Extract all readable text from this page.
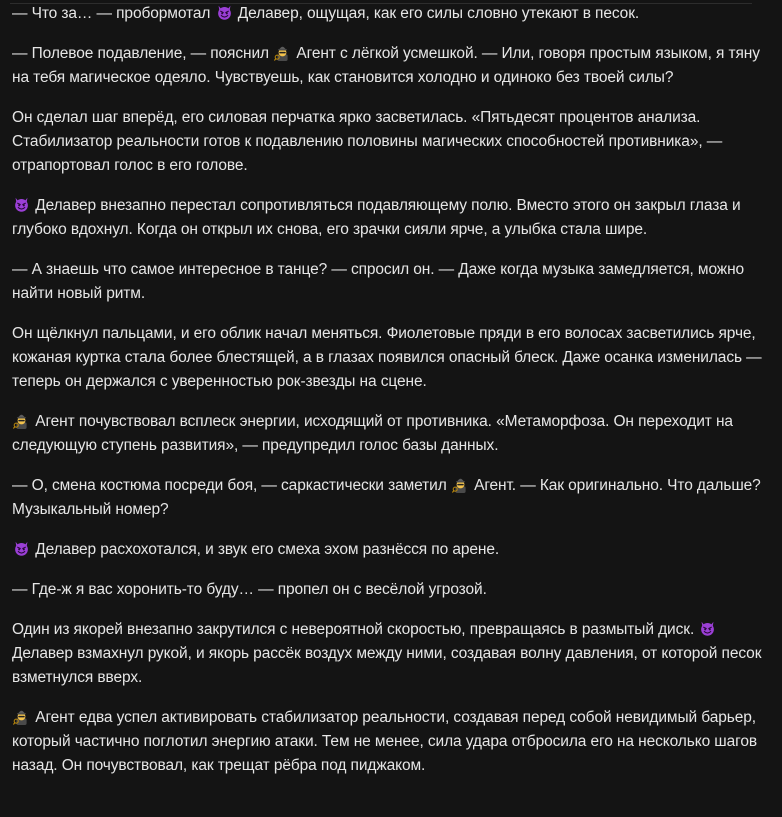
— Что за… — пробормотал
Делавер, ощущая, как его силы словно утекают в песок.

— Полевое подавление, — пояснил
Агент с лёгкой усмешкой. — Или, говоря простым языком, я тяну на тебя магическое одеяло. Чувствуешь, как становится холодно и одиноко без твоей силы?

Он сделал шаг вперёд, его силовая перчатка ярко засветилась. «Пятьдесят процентов анализа. Стабилизатор реальности готов к подавлению половины магических способностей противника», — отрапортовал голос в его голове.

Делавер внезапно перестал сопротивляться подавляющему полю. Вместо этого он закрыл глаза и глубоко вдохнул. Когда он открыл их снова, его зрачки сияли ярче, а улыбка стала шире.

— А знаешь что самое интересное в танце? — спросил он. — Даже когда музыка замедляется, можно найти новый ритм.

Он щёлкнул пальцами, и его облик начал меняться. Фиолетовые пряди в его волосах засветились ярче, кожаная куртка стала более блестящей, а в глазах появился опасный блеск. Даже осанка изменилась — теперь он держался с уверенностью рок-звезды на сцене.

Агент почувствовал всплеск энергии, исходящий от противника. «Метаморфоза. Он переходит на следующую ступень развития», — предупредил голос базы данных.

— О, смена костюма посреди боя, — саркастически заметил
Агент. — Как оригинально. Что дальше? Музыкальный номер?

Делавер расхохотался, и звук его смеха эхом разнёсся по арене.

— Где-ж я вас хоронить-то буду… — пропел он с весёлой угрозой.

Один из якорей внезапно закрутился с невероятной скоростью, превращаясь в размытый диск.
Делавер взмахнул рукой, и якорь рассёк воздух между ними, создавая волну давления, от которой песок взметнулся вверх.

Агент едва успел активировать стабилизатор реальности, создавая перед собой невидимый барьер, который частично поглотил энергию атаки. Тем не менее, сила удара отбросила его на несколько шагов назад. Он почувствовал, как трещат рёбра под пиджаком.
